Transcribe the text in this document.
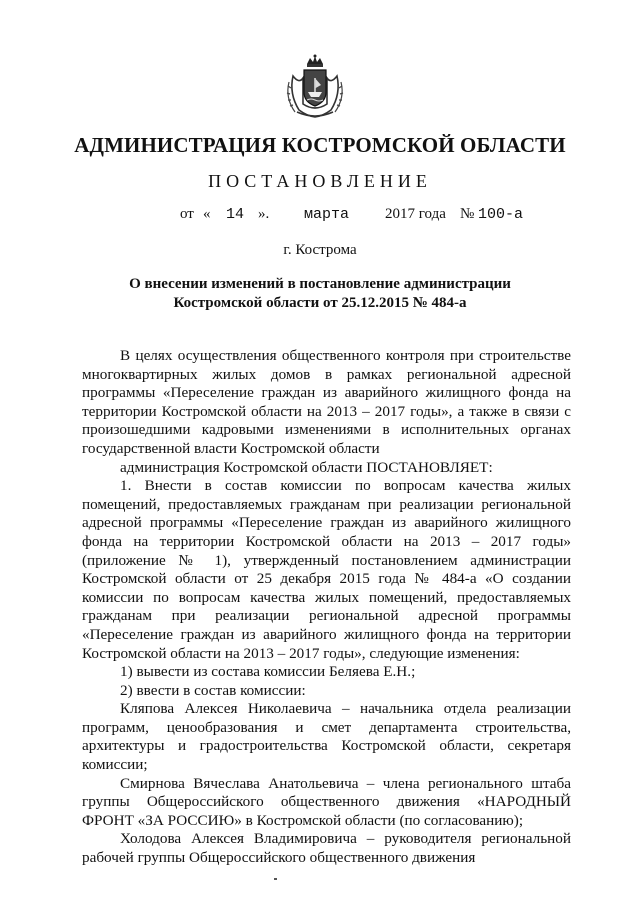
АДМИНИСТРАЦИЯ КОСТРОМСКОЙ ОБЛАСТИ
ПОСТАНОВЛЕНИЕ
от « 14 ». марта 2017 года № 100-а
г. Кострома
О внесении изменений в постановление администрации
Костромской области от 25.12.2015 № 484-а

В целях осуществления общественного контроля при строительстве многоквартирных жилых домов в рамках региональной адресной программы «Переселение граждан из аварийного жилищного фонда на территории Костромской области на 2013 – 2017 годы», а также в связи с произошедшими кадровыми изменениями в исполнительных органах государственной власти Костромской области

администрация Костромской области ПОСТАНОВЛЯЕТ:

1. Внести в состав комиссии по вопросам качества жилых помещений, предоставляемых гражданам при реализации региональной адресной программы «Переселение граждан из аварийного жилищного фонда на территории Костромской области на 2013 – 2017 годы» (приложение № 1), утвержденный постановлением администрации Костромской области от 25 декабря 2015 года № 484-а «О создании комиссии по вопросам качества жилых помещений, предоставляемых гражданам при реализации региональной адресной программы «Переселение граждан из аварийного жилищного фонда на территории Костромской области на 2013 – 2017 годы», следующие изменения:

1) вывести из состава комиссии Беляева Е.Н.;

2) ввести в состав комиссии:

Кляпова Алексея Николаевича – начальника отдела реализации программ, ценообразования и смет департамента строительства, архитектуры и градостроительства Костромской области, секретаря комиссии;

Смирнова Вячеслава Анатольевича – члена регионального штаба группы Общероссийского общественного движения «НАРОДНЫЙ ФРОНТ «ЗА РОССИЮ» в Костромской области (по согласованию);

Холодова Алексея Владимировича – руководителя региональной рабочей группы Общероссийского общественного движения
